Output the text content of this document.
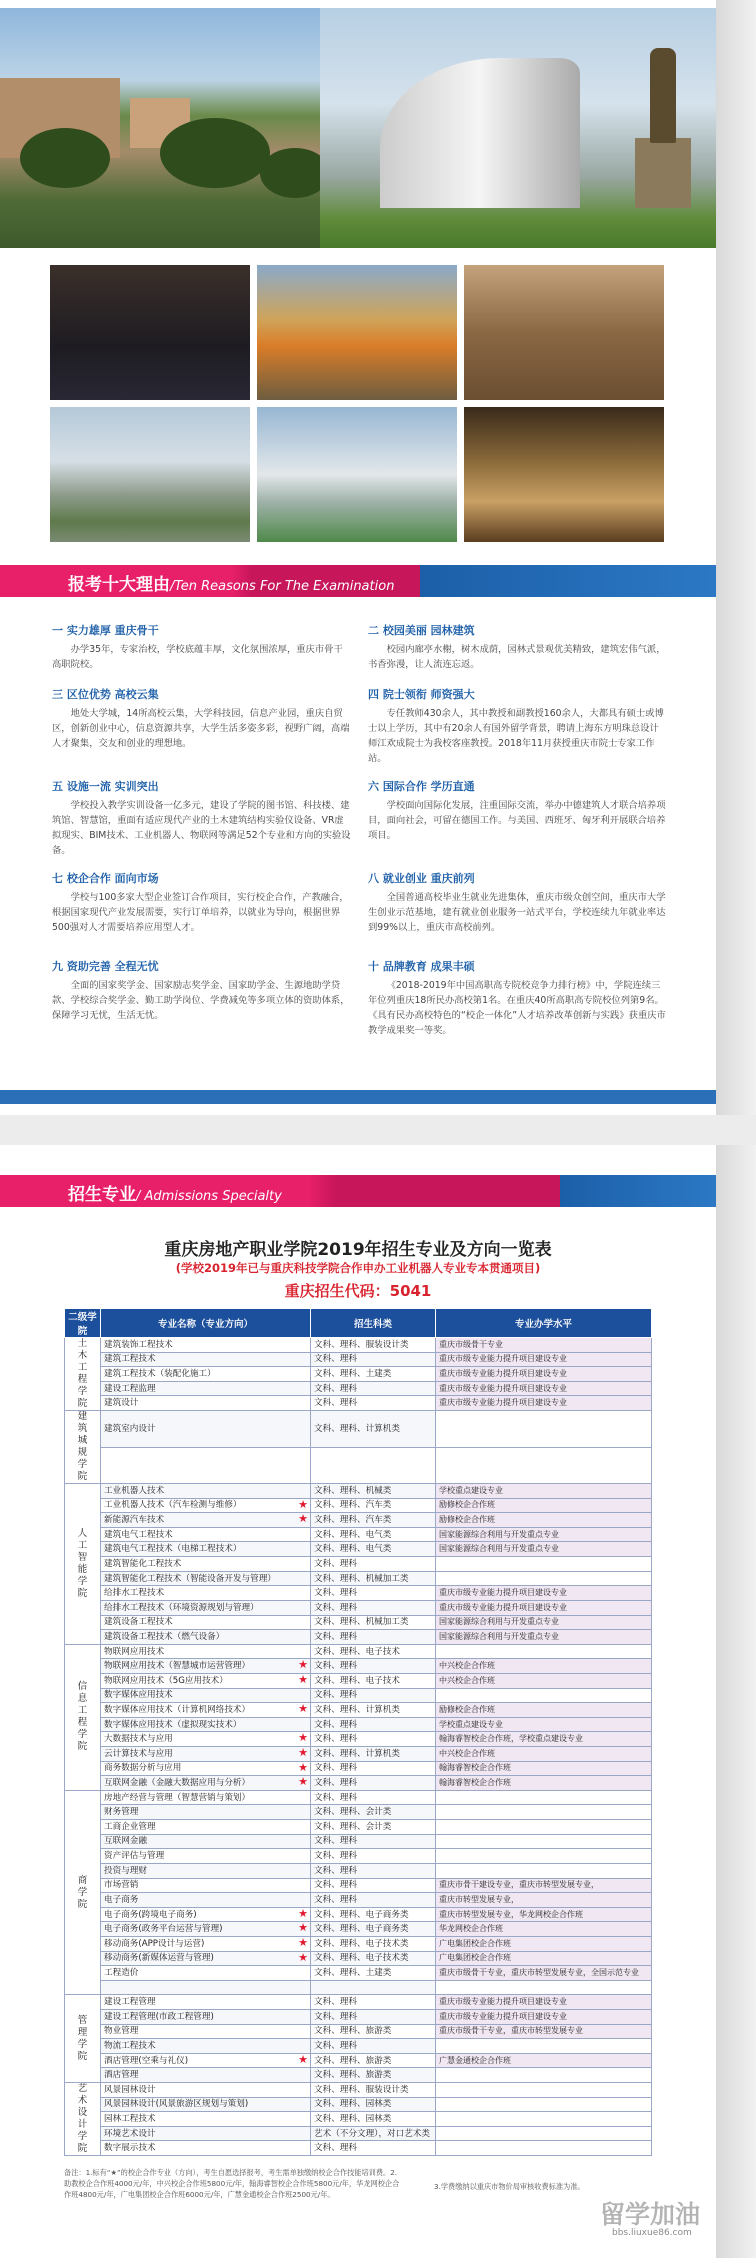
报考十大理由/Ten Reasons For The Examination
一 实力雄厚 重庆骨干

办学35年，专家治校，学校底蕴丰厚，文化氛围浓厚，重庆市骨干高职院校。

二 校园美丽 园林建筑

校园内廊亭水榭，树木成荫，园林式景观优美精致，建筑宏伟气派，书香弥漫，让人流连忘返。

三 区位优势 高校云集

地处大学城，14所高校云集，大学科技园，信息产业园，重庆自贸区，创新创业中心，信息资源共享，大学生活多姿多彩，视野广阔，高端人才聚集，交友和创业的理想地。

四 院士领衔 师资强大

专任教师430余人，其中教授和副教授160余人，大都具有硕士或博士以上学历，其中有20余人有国外留学背景，聘请上海东方明珠总设计师江欢成院士为我校客座教授。2018年11月获授重庆市院士专家工作站。

五 设施一流 实训突出

学校投入教学实训设备一亿多元，建设了学院的图书馆、科技楼、建筑馆、智慧馆，重面有适应现代产业的土木建筑结构实验仪设备、VR虚拟现实、BIM技术、工业机器人、物联网等满足52个专业和方向的实验设备。

六 国际合作 学历直通

学校面向国际化发展，注重国际交流，举办中德建筑人才联合培养项目，面向社会，可留在德国工作。与美国、西班牙、匈牙利开展联合培养项目。

七 校企合作 面向市场

学校与100多家大型企业签订合作项目，实行校企合作，产教融合，根据国家现代产业发展需要，实行订单培养，以就业为导向，根据世界500强对人才需要培养应用型人才。

八 就业创业 重庆前列

全国普通高校毕业生就业先进集体，重庆市级众创空间，重庆市大学生创业示范基地，建有就业创业服务一站式平台，学校连续九年就业率达到99%以上，重庆市高校前列。

九 资助完善 全程无忧

全面的国家奖学金、国家励志奖学金、国家助学金、生源地助学贷款、学校综合奖学金、勤工助学岗位、学费减免等多项立体的资助体系，保障学习无忧，生活无忧。

十 品牌教育 成果丰硕

《2018-2019年中国高职高专院校竞争力排行榜》中，学院连续三年位列重庆18所民办高校第1名。在重庆40所高职高专院校位列第9名。《具有民办高校特色的“校企一体化”人才培养改革创新与实践》获重庆市 教学成果奖一等奖。

招生专业/ Admissions Specialty
重庆房地产职业学院2019年招生专业及方向一览表
(学校2019年已与重庆科技学院合作申办工业机器人专业专本贯通项目)
重庆招生代码：5041
二级学院	专业名称（专业方向）	招生科类	专业办学水平
土木工程学院	建筑装饰工程技术	文科、理科、服装设计类	重庆市级骨干专业
	建筑工程技术	文科、理科	重庆市级专业能力提升项目建设专业
	建筑工程技术（装配化施工）	文科、理科、土建类	重庆市级专业能力提升项目建设专业
	建设工程监理	文科、理科	重庆市级专业能力提升项目建设专业
	建筑设计	文科、理科	重庆市级专业能力提升项目建设专业
建筑城规学院	建筑室内设计	文科、理科、计算机类	

人工智能学院	工业机器人技术	文科、理科、机械类	学校重点建设专业
	工业机器人技术（汽车检测与维修） ★	文科、理科、汽车类	励修校企合作班
	新能源汽车技术 ★	文科、理科、汽车类	励修校企合作班
	建筑电气工程技术	文科、理科、电气类	国家能源综合利用与开发重点专业
	建筑电气工程技术（电梯工程技术）	文科、理科、电气类	国家能源综合利用与开发重点专业
	建筑智能化工程技术	文科、理科	
	建筑智能化工程技术（智能设备开发与管理）	文科、理科、机械加工类	
	给排水工程技术	文科、理科	重庆市级专业能力提升项目建设专业
	给排水工程技术（环境资源规划与管理）	文科、理科	重庆市级专业能力提升项目建设专业
	建筑设备工程技术	文科、理科、机械加工类	国家能源综合利用与开发重点专业
	建筑设备工程技术（燃气设备）	文科、理科	国家能源综合利用与开发重点专业
信息工程学院	物联网应用技术	文科、理科、电子技术	
	物联网应用技术（智慧城市运营管理） ★	文科、理科	中兴校企合作班
	物联网应用技术（5G应用技术） ★	文科、理科、电子技术	中兴校企合作班
	数字媒体应用技术	文科、理科	
	数字媒体应用技术（计算机网络技术） ★	文科、理科、计算机类	励修校企合作班
	数字媒体应用技术（虚拟现实技术）	文科、理科	学校重点建设专业
	大数据技术与应用 ★	文科、理科	翰海睿智校企合作班，学校重点建设专业
	云计算技术与应用 ★	文科、理科、计算机类	中兴校企合作班
	商务数据分析与应用 ★	文科、理科	翰海睿智校企合作班
	互联网金融（金融大数据应用与分析） ★	文科、理科	翰海睿智校企合作班
商学院	房地产经营与管理（智慧营销与策划）	文科、理科	
	财务管理	文科、理科、会计类	
	工商企业管理	文科、理科、会计类	
	互联网金融	文科、理科	
	资产评估与管理	文科、理科	
	投资与理财	文科、理科	
	市场营销	文科、理科	重庆市骨干建设专业，重庆市转型发展专业，
	电子商务	文科、理科	重庆市转型发展专业，
	电子商务(跨境电子商务) ★	文科、理科、电子商务类	重庆市转型发展专业，华龙网校企合作班
	电子商务(政务平台运营与管理) ★	文科、理科、电子商务类	华龙网校企合作班
	移动商务(APP设计与运营) ★	文科、理科、电子技术类	广电集团校企合作班
	移动商务(新媒体运营与管理) ★	文科、理科、电子技术类	广电集团校企合作班
	工程造价	文科、理科、土建类	重庆市级骨干专业，重庆市转型发展专业，全国示范专业

管理学院	建设工程管理	文科、理科	重庆市级专业能力提升项目建设专业
	建设工程管理(市政工程管理)	文科、理科	重庆市级专业能力提升项目建设专业
	物业管理	文科、理科、旅游类	重庆市级骨干专业，重庆市转型发展专业
	物流工程技术	文科、理科	
	酒店管理(空乘与礼仪) ★	文科、理科、旅游类	广慧金通校企合作班
	酒店管理	文科、理科、旅游类	
艺术设计学院	风景园林设计	文科、理科、服装设计类	
	风景园林设计(风景旅游区规划与策划)	文科、理科、园林类	
	园林工程技术	文科、理科、园林类	
	环境艺术设计	艺术（不分文理），对口艺术类	
	数字展示技术	文科、理科	
备注：1.标有“★”的校企合作专业（方向），考生自愿选择报考，考生需单独缴纳校企合作技能培训费。2.助教校企合作班4000元/年，中兴校企合作班5800元/年，翰海睿智校企合作班5800元/年，华龙网校企合作班4800元/年，广电集团校企合作班6000元/年，广慧金通校企合作班2500元/年。
3.学费缴纳以重庆市物价局审核收费标准为准。
留学加油
bbs.liuxue86.com
